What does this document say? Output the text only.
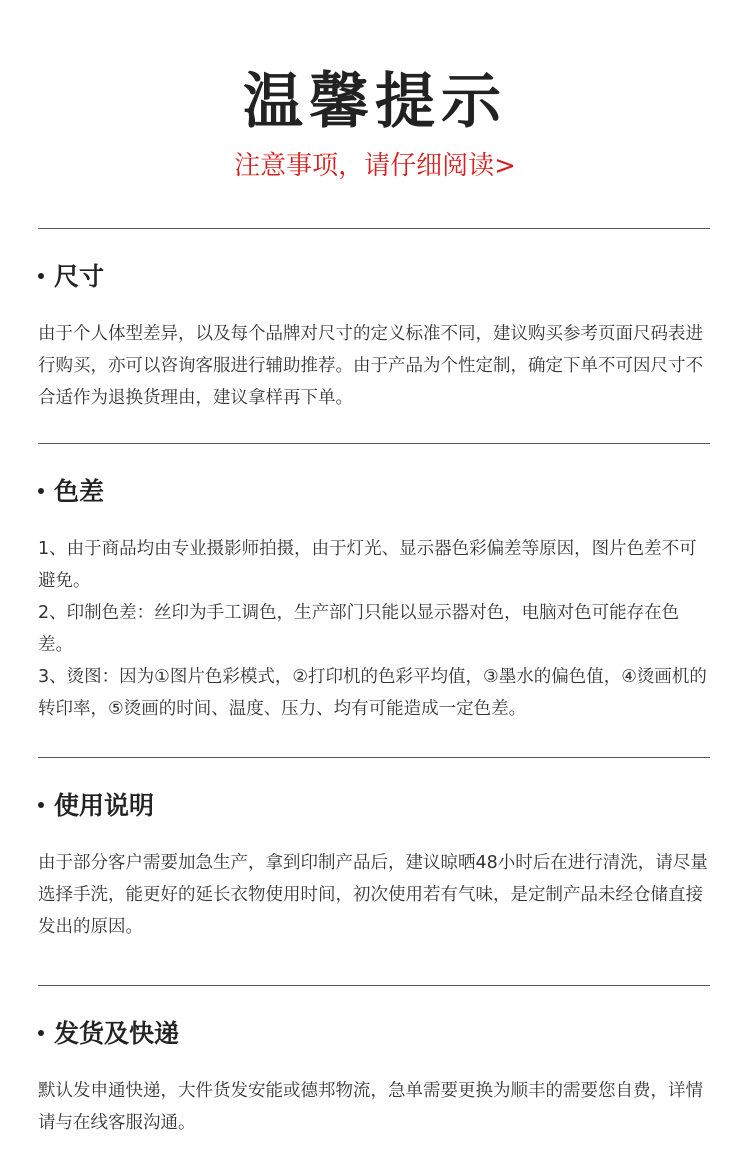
温馨提示
注意事项，请仔细阅读>
尺寸

由于个人体型差异，以及每个品牌对尺寸的定义标准不同，建议购买参考页面尺码表进行购买，亦可以咨询客服进行辅助推荐。由于产品为个性定制，确定下单不可因尺寸不合适作为退换货理由，建议拿样再下单。

色差

1、由于商品均由专业摄影师拍摄，由于灯光、显示器色彩偏差等原因，图片色差不可避免。

2、印制色差：丝印为手工调色，生产部门只能以显示器对色，电脑对色可能存在色差。

3、烫图：因为①图片色彩模式，②打印机的色彩平均值，③墨水的偏色值，④烫画机的转印率，⑤烫画的时间、温度、压力、均有可能造成一定色差。

使用说明

由于部分客户需要加急生产，拿到印制产品后，建议晾晒48小时后在进行清洗，请尽量选择手洗，能更好的延长衣物使用时间，初次使用若有气味，是定制产品未经仓储直接发出的原因。

发货及快递

默认发申通快递，大件货发安能或德邦物流，急单需要更换为顺丰的需要您自费，详情请与在线客服沟通。
